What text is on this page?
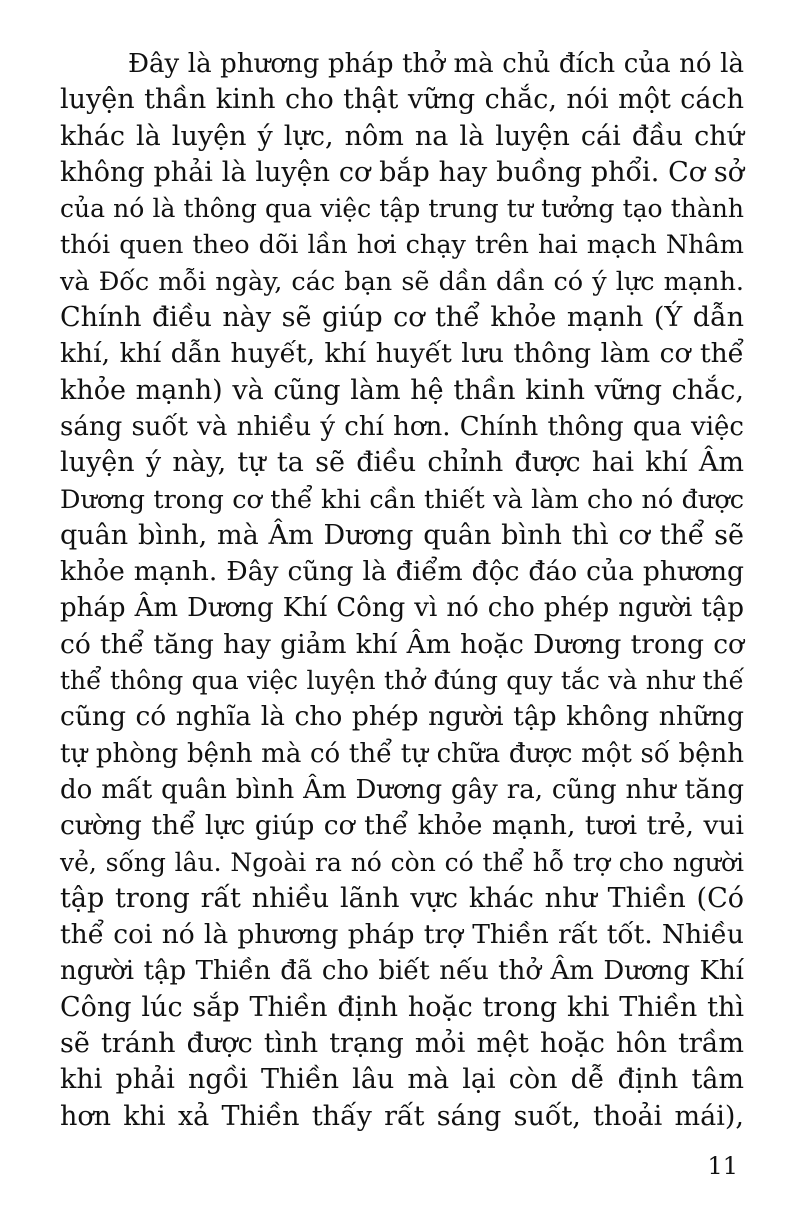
Đây là phương pháp thở mà chủ đích của nó là
luyện thần kinh cho thật vững chắc, nói một cách
khác là luyện ý lực, nôm na là luyện cái đầu chứ
không phải là luyện cơ bắp hay buồng phổi. Cơ sở
của nó là thông qua việc tập trung tư tưởng tạo thành
thói quen theo dõi lần hơi chạy trên hai mạch Nhâm
và Đốc mỗi ngày, các bạn sẽ dần dần có ý lực mạnh.
Chính điều này sẽ giúp cơ thể khỏe mạnh (Ý dẫn
khí, khí dẫn huyết, khí huyết lưu thông làm cơ thể
khỏe mạnh) và cũng làm hệ thần kinh vững chắc,
sáng suốt và nhiều ý chí hơn. Chính thông qua việc
luyện ý này, tự ta sẽ điều chỉnh được hai khí Âm
Dương trong cơ thể khi cần thiết và làm cho nó được
quân bình, mà Âm Dương quân bình thì cơ thể sẽ
khỏe mạnh. Đây cũng là điểm độc đáo của phương
pháp Âm Dương Khí Công vì nó cho phép người tập
có thể tăng hay giảm khí Âm hoặc Dương trong cơ
thể thông qua việc luyện thở đúng quy tắc và như thế
cũng có nghĩa là cho phép người tập không những
tự phòng bệnh mà có thể tự chữa được một số bệnh
do mất quân bình Âm Dương gây ra, cũng như tăng
cường thể lực giúp cơ thể khỏe mạnh, tươi trẻ, vui
vẻ, sống lâu. Ngoài ra nó còn có thể hỗ trợ cho người
tập trong rất nhiều lãnh vực khác như Thiền (Có
thể coi nó là phương pháp trợ Thiền rất tốt. Nhiều
người tập Thiền đã cho biết nếu thở Âm Dương Khí
Công lúc sắp Thiền định hoặc trong khi Thiền thì
sẽ tránh được tình trạng mỏi mệt hoặc hôn trầm
khi phải ngồi Thiền lâu mà lại còn dễ định tâm
hơn khi xả Thiền thấy rất sáng suốt, thoải mái),
11
